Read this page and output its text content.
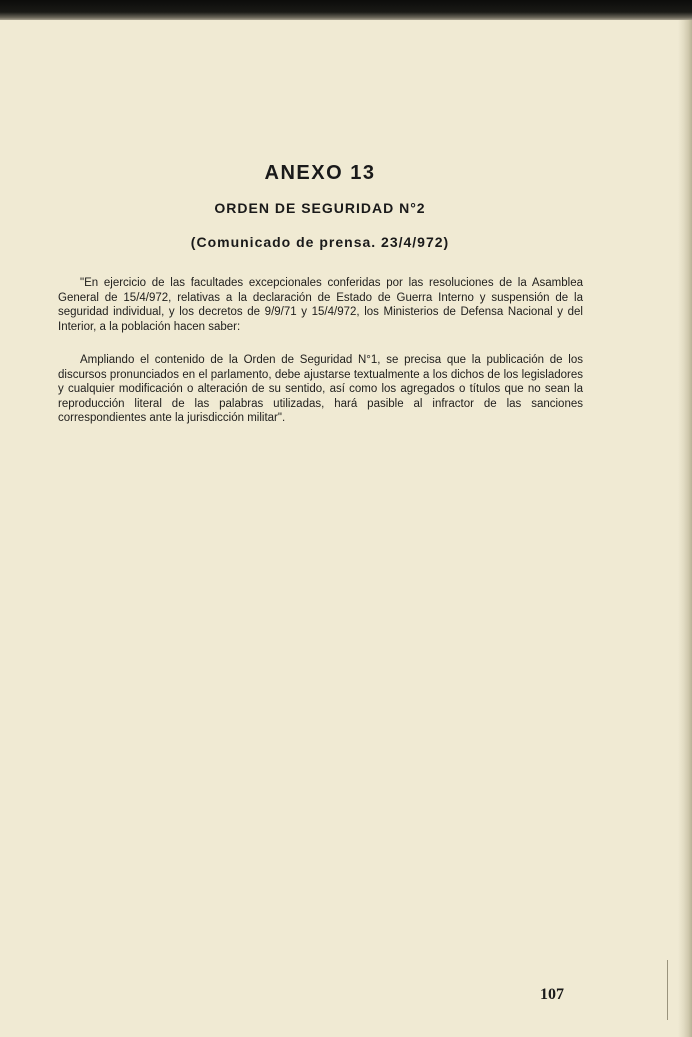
ANEXO 13
ORDEN DE SEGURIDAD N°2
(Comunicado de prensa. 23/4/972)

"En ejercicio de las facultades excepcionales conferidas por las resoluciones de la Asamblea General de 15/4/972, relativas a la declaración de Estado de Guerra Interno y suspensión de la seguridad individual, y los decretos de 9/9/71 y 15/4/972, los Ministerios de Defensa Nacional y del Interior, a la población hacen saber:

Ampliando el contenido de la Orden de Seguridad N°1, se precisa que la publicación de los discursos pronunciados en el parlamento, debe ajustarse textualmente a los dichos de los legisladores y cualquier modificación o alteración de su sentido, así como los agregados o títulos que no sean la reproducción literal de las palabras utilizadas, hará pasible al infractor de las sanciones correspondientes ante la jurisdicción militar".

107
